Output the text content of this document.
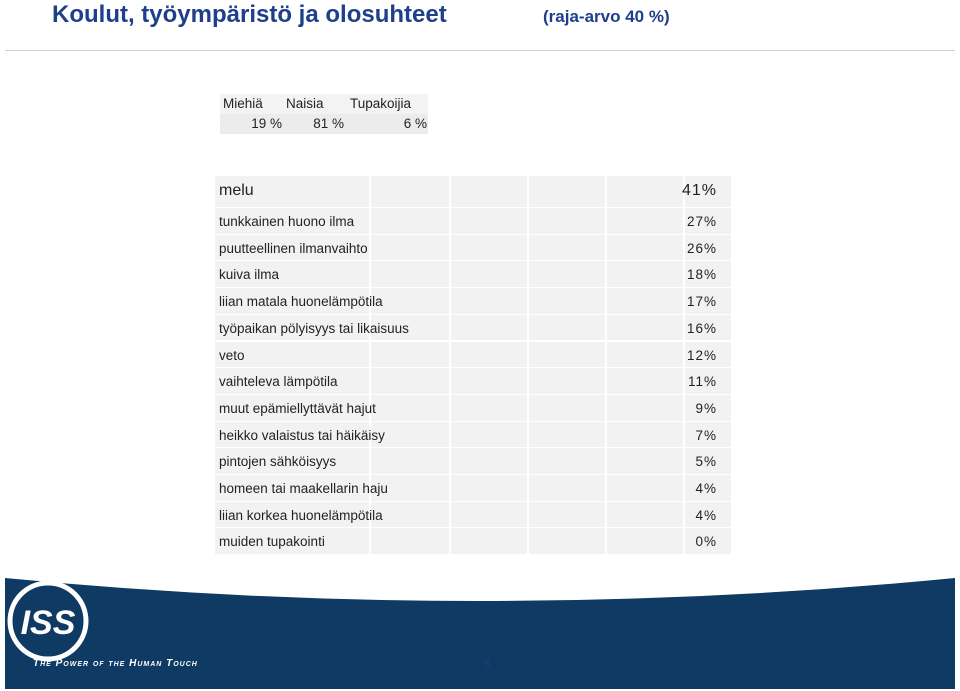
Koulut, työympäristö ja olosuhteet	(raja-arvo 40 %)
Miehiä Naisia Tupakoijia
19 % 81 %	6 %
melu	41%
tunkkainen huono ilma	27%
puutteellinen ilmanvaihto	26%
kuiva ilma	18%
liian matala huonelämpötila	17%
työpaikan pölyisyys tai likaisuus	16%
veto	12%
vaihteleva lämpötila	11%
muut epämiellyttävät hajut	9%
heikko valaistus tai häikäisy	7%
pintojen sähköisyys	5%
homeen tai maakellarin haju	4%
liian korkea huonelämpötila	4%
muiden tupakointi	0%
The Power of the Human Touch	5
ISS
